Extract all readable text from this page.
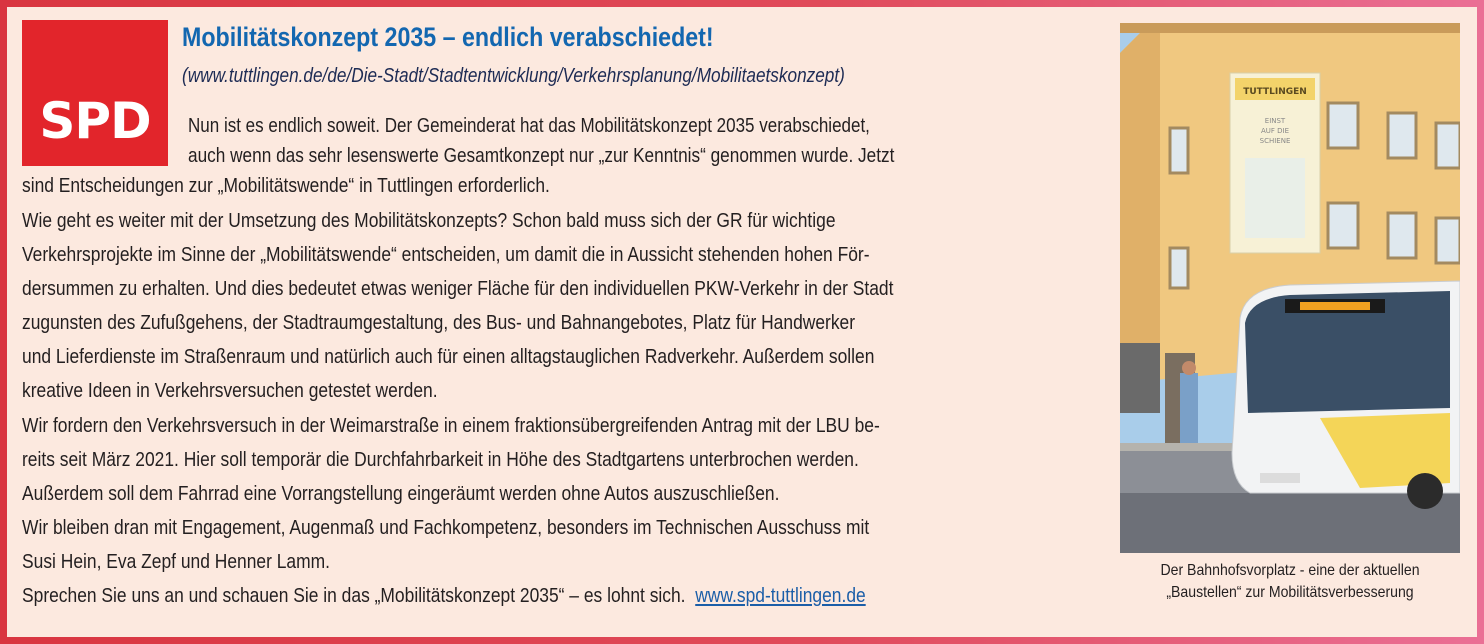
SPD
Mobilitätskonzept 2035 – endlich verabschiedet!
(www.tuttlingen.de/de/Die-Stadt/Stadtentwicklung/Verkehrsplanung/Mobilitaetskonzept)
Nun ist es endlich soweit. Der Gemeinderat hat das Mobilitätskonzept 2035 verabschiedet,
auch wenn das sehr lesenswerte Gesamtkonzept nur „zur Kenntnis“ genommen wurde. Jetzt
sind Entscheidungen zur „Mobilitätswende“ in Tuttlingen erforderlich.
Wie geht es weiter mit der Umsetzung des Mobilitätskonzepts? Schon bald muss sich der GR für wichtige
Verkehrsprojekte im Sinne der „Mobilitätswende“ entscheiden, um damit die in Aussicht stehenden hohen För-
dersummen zu erhalten. Und dies bedeutet etwas weniger Fläche für den individuellen PKW-Verkehr in der Stadt
zugunsten des Zufußgehens, der Stadtraumgestaltung, des Bus- und Bahnangebotes, Platz für Handwerker
und Lieferdienste im Straßenraum und natürlich auch für einen alltagstauglichen Radverkehr. Außerdem sollen
kreative Ideen in Verkehrsversuchen getestet werden.
Wir fordern den Verkehrsversuch in der Weimarstraße in einem fraktionsübergreifenden Antrag mit der LBU be-
reits seit März 2021. Hier soll temporär die Durchfahrbarkeit in Höhe des Stadtgartens unterbrochen werden.
Außerdem soll dem Fahrrad eine Vorrangstellung eingeräumt werden ohne Autos auszuschließen.
Wir bleiben dran mit Engagement, Augenmaß und Fachkompetenz, besonders im Technischen Ausschuss mit
Susi Hein, Eva Zepf und Henner Lamm.
Sprechen Sie uns an und schauen Sie in das „Mobilitätskonzept 2035“ – es lohnt sich. www.spd-tuttlingen.de
TUTTLINGEN
EINST
AUF DIE
SCHIENE
Der Bahnhofsvorplatz - eine der aktuellen
„Baustellen“ zur Mobilitätsverbesserung
